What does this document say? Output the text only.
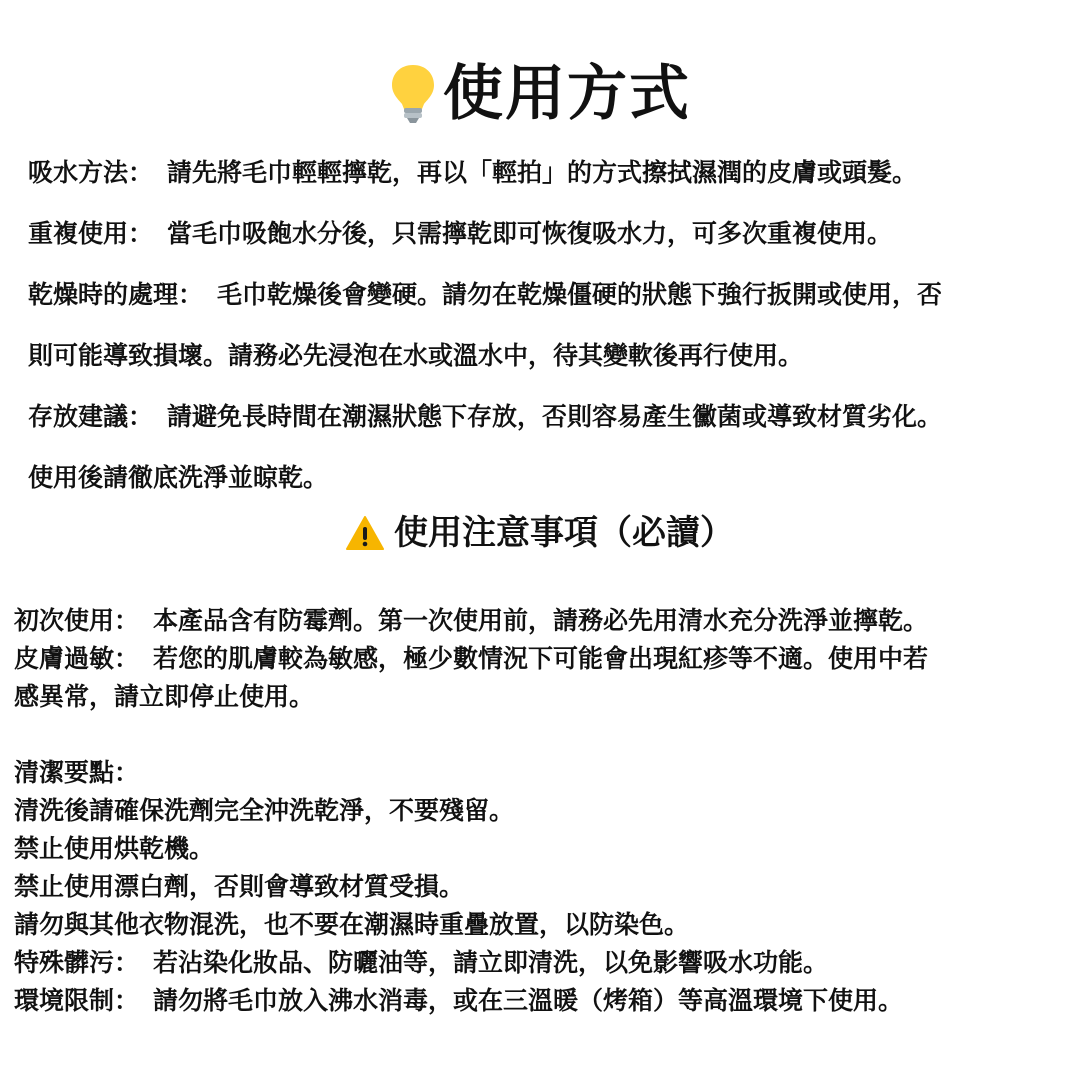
使用方式
吸水方法： 請先將毛巾輕輕擰乾，再以「輕拍」的方式擦拭濕潤的皮膚或頭髮。
重複使用： 當毛巾吸飽水分後，只需擰乾即可恢復吸水力，可多次重複使用。
乾燥時的處理： 毛巾乾燥後會變硬。請勿在乾燥僵硬的狀態下強行扳開或使用，否
則可能導致損壞。請務必先浸泡在水或溫水中，待其變軟後再行使用。
存放建議： 請避免長時間在潮濕狀態下存放，否則容易產生黴菌或導致材質劣化。
使用後請徹底洗淨並晾乾。
使用注意事項（必讀）
初次使用： 本產品含有防霉劑。第一次使用前，請務必先用清水充分洗淨並擰乾。
皮膚過敏： 若您的肌膚較為敏感，極少數情況下可能會出現紅疹等不適。使用中若
感異常，請立即停止使用。
清潔要點：
清洗後請確保洗劑完全沖洗乾淨，不要殘留。
禁止使用烘乾機。
禁止使用漂白劑，否則會導致材質受損。
請勿與其他衣物混洗，也不要在潮濕時重疊放置，以防染色。
特殊髒污： 若沾染化妝品、防曬油等，請立即清洗，以免影響吸水功能。
環境限制： 請勿將毛巾放入沸水消毒，或在三溫暖（烤箱）等高溫環境下使用。
